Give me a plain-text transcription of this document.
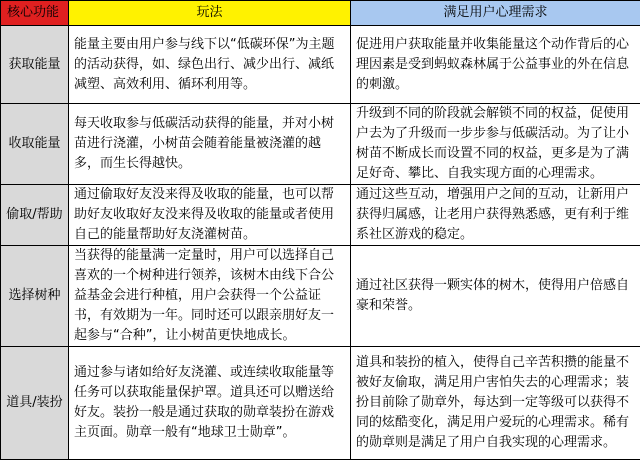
核心功能	玩法	满足用户心理需求
获取能量	能量主要由用户参与线下以“低碳环保”为主题的活动获得，如、绿色出行、减少出行、减纸减塑、高效利用、循环利用等。	促进用户获取能量并收集能量这个动作背后的心理因素是受到蚂蚁森林属于公益事业的外在信息的刺激。
收取能量	每天收取参与低碳活动获得的能量，并对小树苗进行浇灌，小树苗会随着能量被浇灌的越多，而生长得越快。	升级到不同的阶段就会解锁不同的权益，促使用户去为了升级而一步步参与低碳活动。为了让小树苗不断成长而设置不同的权益，更多是为了满足好奇、攀比、自我实现方面的心理需求。
偷取/帮助	通过偷取好友没来得及收取的能量，也可以帮助好友收取好友没来得及收取的能量或者使用自己的能量帮助好友浇灌树苗。	通过这些互动，增强用户之间的互动，让新用户获得归属感，让老用户获得熟悉感，更有利于维系社区游戏的稳定。
选择树种	当获得的能量满一定量时，用户可以选择自己喜欢的一个树种进行领养，该树木由线下合公益基金会进行种植，用户会获得一个公益证书，有效期为一年。同时还可以跟亲朋好友一起参与“合种”，让小树苗更快地成长。	通过社区获得一颗实体的树木，使得用户倍感自豪和荣誉。
道具/装扮	通过参与诸如给好友浇灌、或连续收取能量等任务可以获取能量保护罩。道具还可以赠送给好友。装扮一般是通过获取的勋章装扮在游戏主页面。勋章一般有“地球卫士勋章”。	道具和装扮的植入，使得自己辛苦积攒的能量不被好友偷取，满足用户害怕失去的心理需求；装扮目前除了勋章外，每达到一定等级可以获得不同的炫酷变化，满足用户爱玩的心理需求。稀有的勋章则是满足了用户自我实现的心理需求。
